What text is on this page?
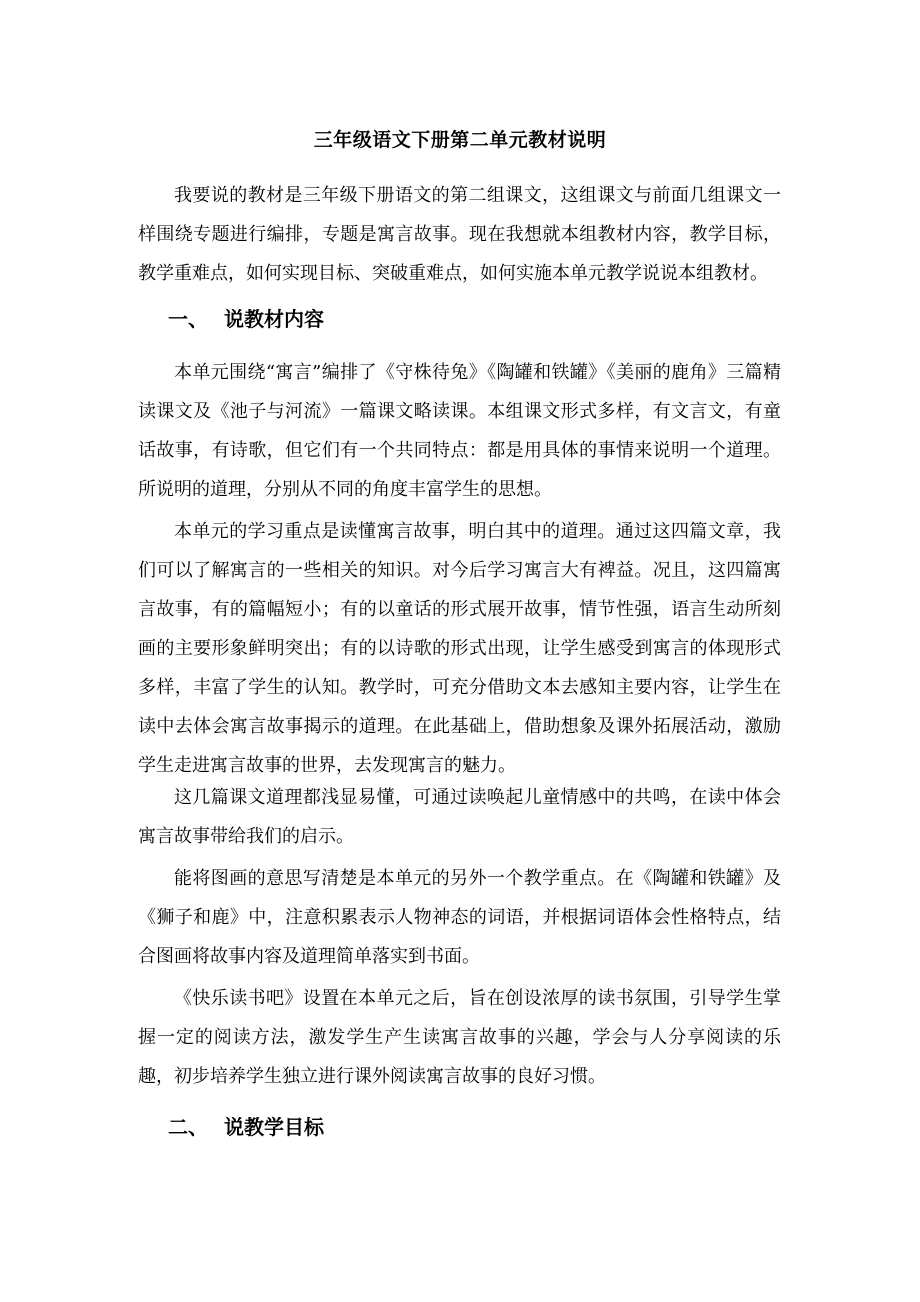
三年级语文下册第二单元教材说明

我要说的教材是三年级下册语文的第二组课文，这组课文与前面几组课文一样围绕专题进行编排，专题是寓言故事。现在我想就本组教材内容，教学目标，教学重难点，如何实现目标、突破重难点，如何实施本单元教学说说本组教材。

一、 说教材内容

本单元围绕“寓言”编排了《守株待兔》《陶罐和铁罐》《美丽的鹿角》三篇精读课文及《池子与河流》一篇课文略读课。本组课文形式多样，有文言文，有童话故事，有诗歌，但它们有一个共同特点：都是用具体的事情来说明一个道理。所说明的道理，分别从不同的角度丰富学生的思想。

本单元的学习重点是读懂寓言故事，明白其中的道理。通过这四篇文章，我们可以了解寓言的一些相关的知识。对今后学习寓言大有裨益。况且，这四篇寓言故事，有的篇幅短小；有的以童话的形式展开故事，情节性强，语言生动所刻画的主要形象鲜明突出；有的以诗歌的形式出现，让学生感受到寓言的体现形式多样，丰富了学生的认知。教学时，可充分借助文本去感知主要内容，让学生在读中去体会寓言故事揭示的道理。在此基础上，借助想象及课外拓展活动，激励学生走进寓言故事的世界，去发现寓言的魅力。

这几篇课文道理都浅显易懂，可通过读唤起儿童情感中的共鸣，在读中体会寓言故事带给我们的启示。

能将图画的意思写清楚是本单元的另外一个教学重点。在《陶罐和铁罐》及《狮子和鹿》中，注意积累表示人物神态的词语，并根据词语体会性格特点，结合图画将故事内容及道理简单落实到书面。

《快乐读书吧》设置在本单元之后，旨在创设浓厚的读书氛围，引导学生掌握一定的阅读方法，激发学生产生读寓言故事的兴趣，学会与人分享阅读的乐趣，初步培养学生独立进行课外阅读寓言故事的良好习惯。

二、 说教学目标
